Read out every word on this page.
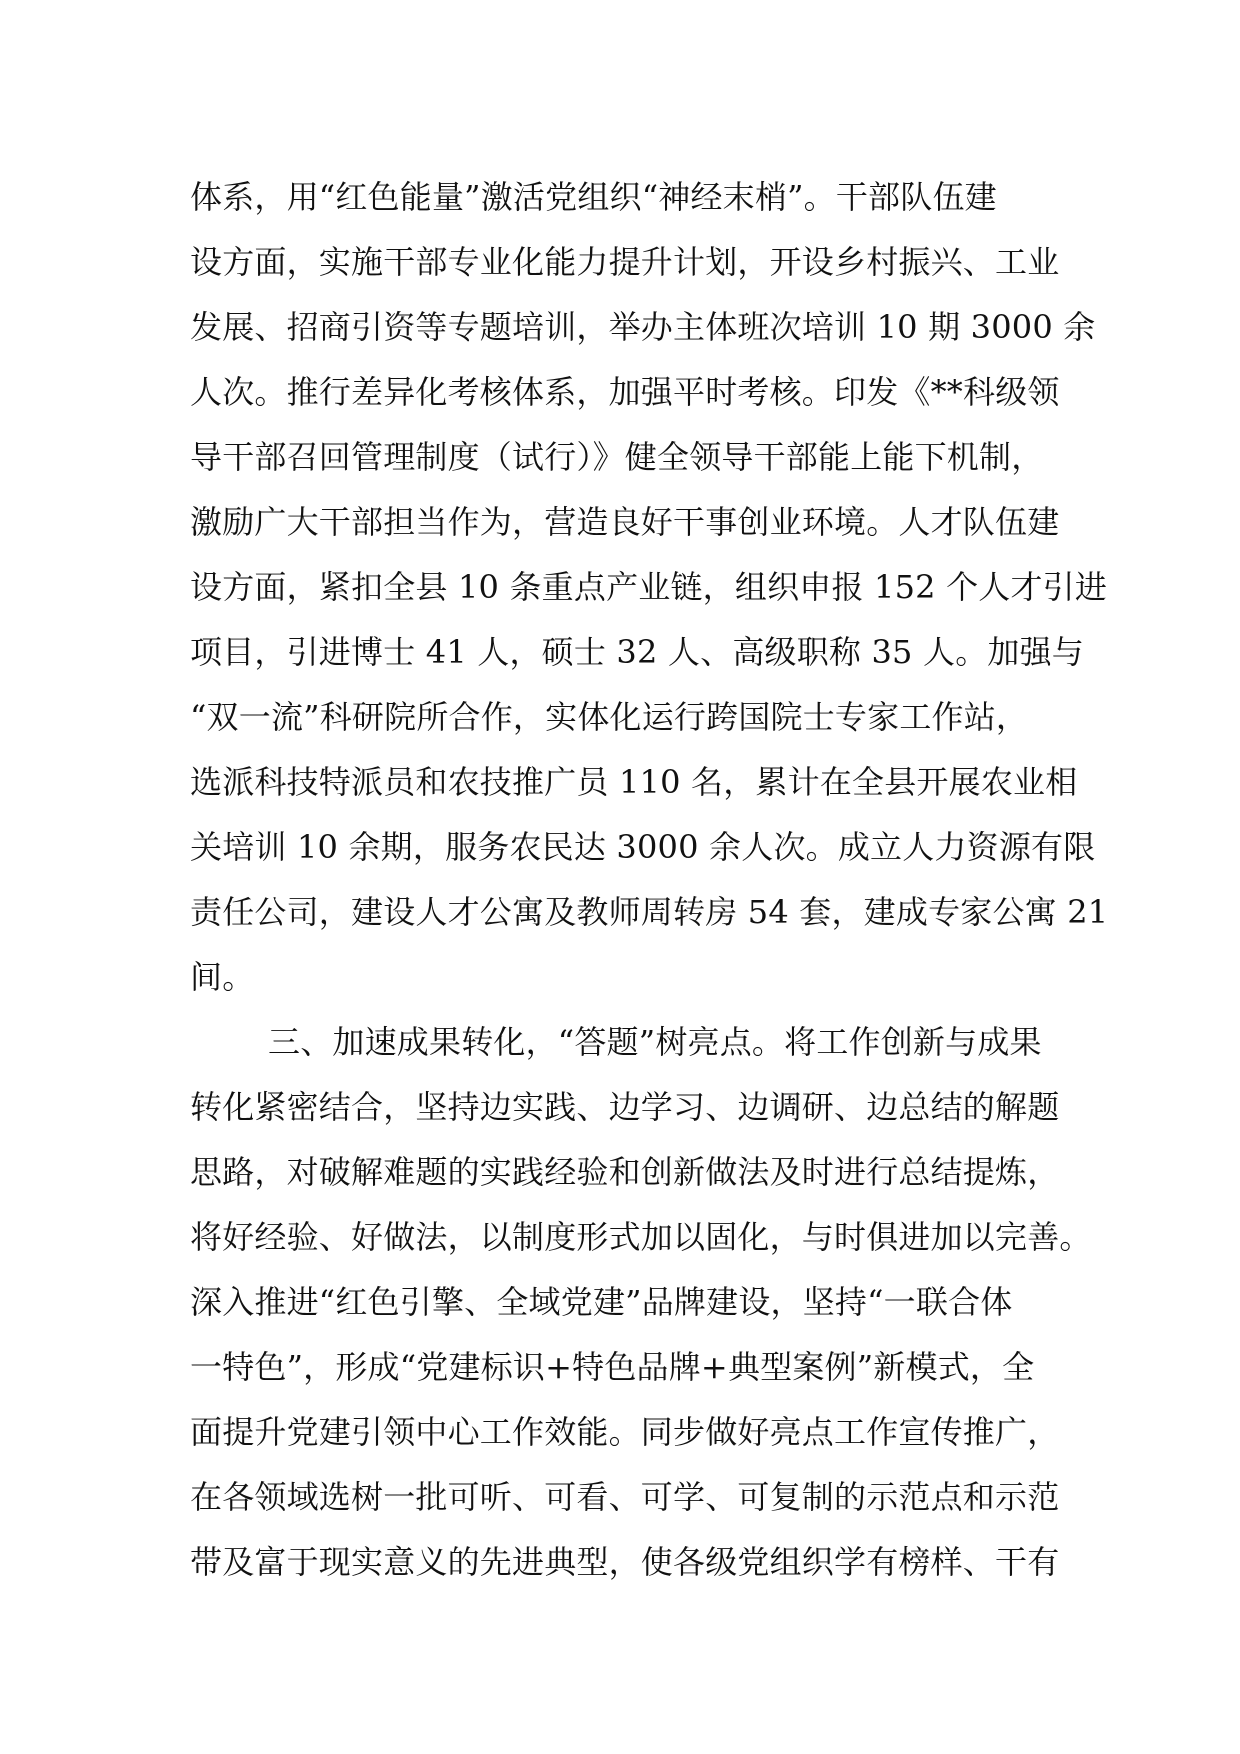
体系，用“红色能量”激活党组织“神经末梢”。干部队伍建
设方面，实施干部专业化能力提升计划，开设乡村振兴、工业
发展、招商引资等专题培训，举办主体班次培训 10 期 3000 余
人次。推行差异化考核体系，加强平时考核。印发《**科级领
导干部召回管理制度（试行）》健全领导干部能上能下机制，
激励广大干部担当作为，营造良好干事创业环境。人才队伍建
设方面，紧扣全县 10 条重点产业链，组织申报 152 个人才引进
项目，引进博士 41 人，硕士 32 人、高级职称 35 人。加强与
“双一流”科研院所合作，实体化运行跨国院士专家工作站，
选派科技特派员和农技推广员 110 名，累计在全县开展农业相
关培训 10 余期，服务农民达 3000 余人次。成立人力资源有限
责任公司，建设人才公寓及教师周转房 54 套，建成专家公寓 21
间。
三、加速成果转化，“答题”树亮点。将工作创新与成果
转化紧密结合，坚持边实践、边学习、边调研、边总结的解题
思路，对破解难题的实践经验和创新做法及时进行总结提炼，
将好经验、好做法，以制度形式加以固化，与时俱进加以完善。
深入推进“红色引擎、全域党建”品牌建设，坚持“一联合体
一特色”，形成“党建标识+特色品牌+典型案例”新模式，全
面提升党建引领中心工作效能。同步做好亮点工作宣传推广，
在各领域选树一批可听、可看、可学、可复制的示范点和示范
带及富于现实意义的先进典型，使各级党组织学有榜样、干有
